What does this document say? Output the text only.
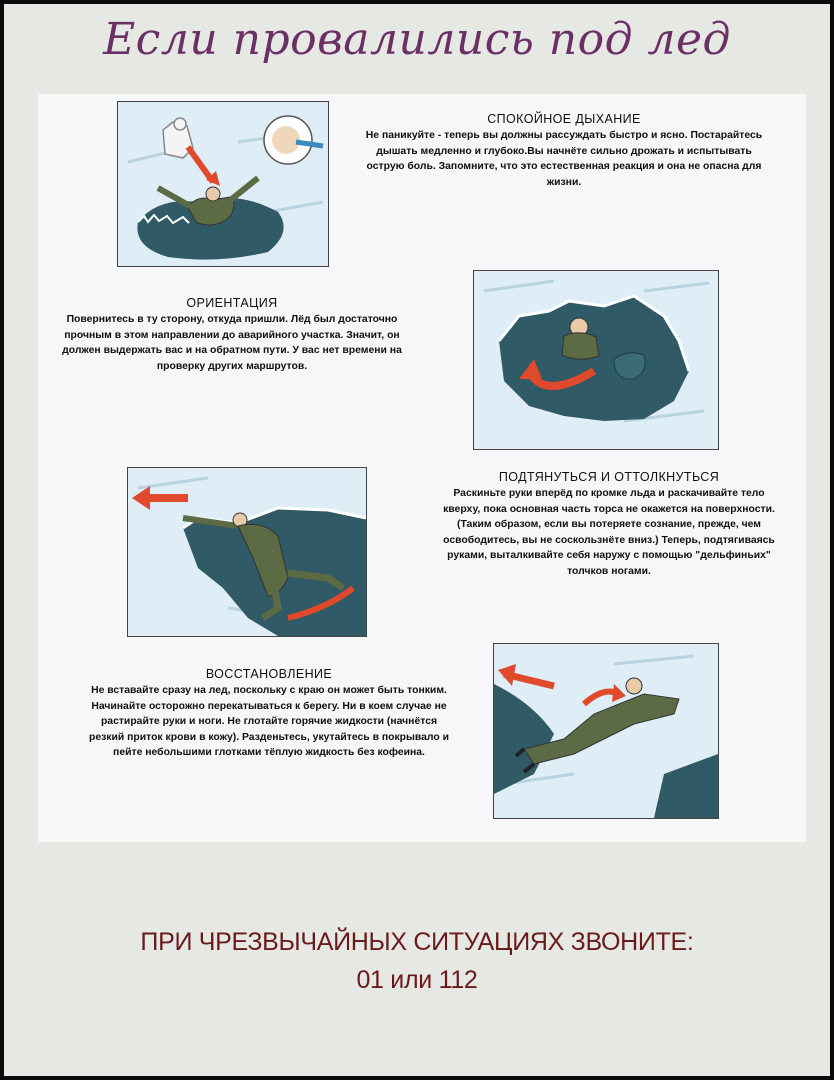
Если провалились под лед
СПОКОЙНОЕ ДЫХАНИЕ
Не паникуйте - теперь вы должны рассуждать быстро и ясно. Постарайтесь дышать медленно и глубоко.Вы начнёте сильно дрожать и испытывать острую боль. Запомните, что это естественная реакция и она не опасна для жизни.
ОРИЕНТАЦИЯ
Повернитесь в ту сторону, откуда пришли. Лёд был достаточно прочным в этом направлении до аварийного участка. Значит, он должен выдержать вас и на обратном пути. У вас нет времени на проверку других маршрутов.
ПОДТЯНУТЬСЯ И ОТТОЛКНУТЬСЯ
Раскиньте руки вперёд по кромке льда и раскачивайте тело кверху, пока основная часть торса не окажется на поверхности. (Таким образом, если вы потеряете сознание, прежде, чем освободитесь, вы не соскользнёте вниз.) Теперь, подтягиваясь руками, выталкивайте себя наружу с помощью "дельфиньих" толчков ногами.
ВОССТАНОВЛЕНИЕ
Не вставайте сразу на лед, поскольку с краю он может быть тонким. Начинайте осторожно перекатываться к берегу. Ни в коем случае не растирайте руки и ноги. Не глотайте горячие жидкости (начнётся резкий приток крови в кожу). Разденьтесь, укутайтесь в покрывало и пейте небольшими глотками тёплую жидкость без кофеина.
ПРИ ЧРЕЗВЫЧАЙНЫХ СИТУАЦИЯХ ЗВОНИТЕ:
01 или 112
